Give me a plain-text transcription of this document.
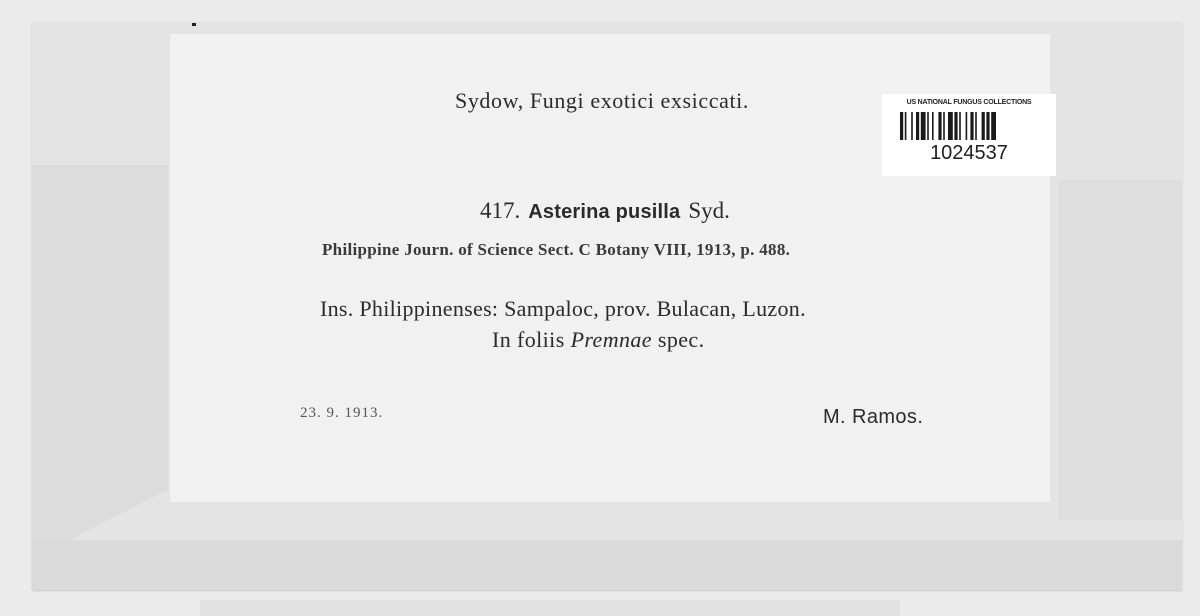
Sydow, Fungi exotici exsiccati.
417. Asterina pusilla Syd.
Philippine Journ. of Science Sect. C Botany VIII, 1913, p. 488.
Ins. Philippinenses: Sampaloc, prov. Bulacan, Luzon.
In foliis Premnae spec.
23. 9. 1913.	M. Ramos.
US NATIONAL FUNGUS COLLECTIONS
1024537
